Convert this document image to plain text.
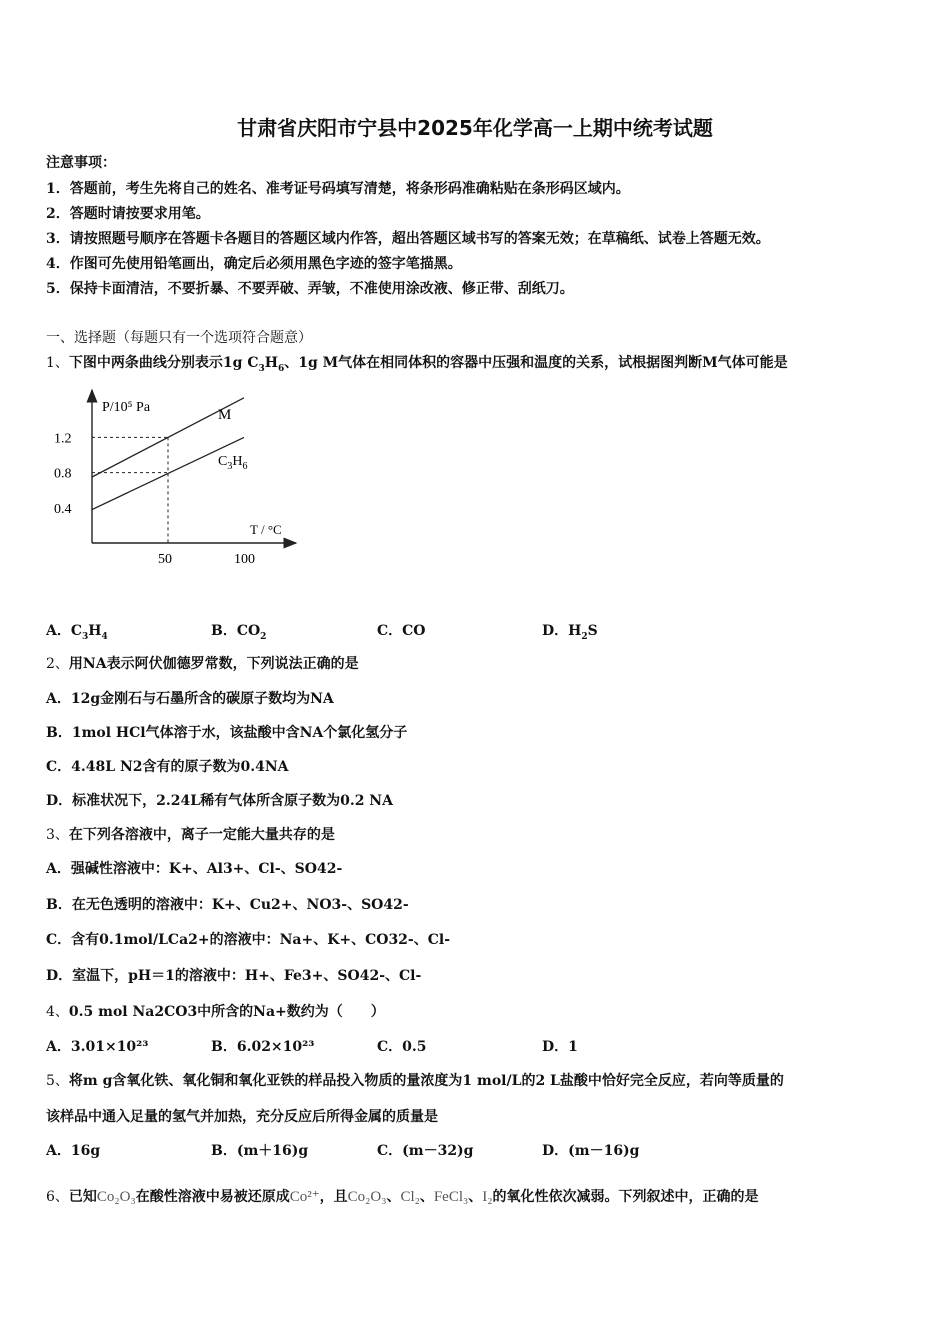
甘肃省庆阳市宁县中2025年化学高一上期中统考试题
注意事项：
1．答题前，考生先将自己的姓名、准考证号码填写清楚，将条形码准确粘贴在条形码区域内。
2．答题时请按要求用笔。
3．请按照题号顺序在答题卡各题目的答题区域内作答，超出答题区域书写的答案无效；在草稿纸、试卷上答题无效。
4．作图可先使用铅笔画出，确定后必须用黑色字迹的签字笔描黑。
5．保持卡面清洁，不要折暴、不要弄破、弄皱，不准使用涂改液、修正带、刮纸刀。
一、选择题（每题只有一个选项符合题意）
1、下图中两条曲线分别表示1g $C_3H_6$、1g M气体在相同体积的容器中压强和温度的关系，试根据图判断M气体可能是
P/10⁵ Pa
T / °C
0.4
0.8
1.2
50	100
M
$C_3H_6$
A．$C_3H_4$	B．$CO_2$	C．CO	D．$H_2S$
2、用NA表示阿伏伽德罗常数，下列说法正确的是
A．12g金刚石与石墨所含的碳原子数均为NA
B．1mol HCl气体溶于水，该盐酸中含NA个氯化氢分子
C．4.48L N2含有的原子数为0.4NA
D．标准状况下，2.24L稀有气体所含原子数为0.2 NA
3、在下列各溶液中，离子一定能大量共存的是
A．强碱性溶液中：K+、Al3+、Cl-、SO42-
B．在无色透明的溶液中：K+、Cu2+、NO3-、SO42-
C．含有0.1mol/LCa2+的溶液中：Na+、K+、CO32-、Cl-
D．室温下，pH＝1的溶液中：H+、Fe3+、SO42-、Cl-
4、0.5 mol Na2CO3中所含的Na+数约为（　　）
A．3.01×10²³	B．6.02×10²³	C．0.5	D．1
5、将m g含氧化铁、氧化铜和氧化亚铁的样品投入物质的量浓度为1 mol/L的2 L盐酸中恰好完全反应，若向等质量的
该样品中通入足量的氢气并加热，充分反应后所得金属的质量是
A．16g	B．(m＋16)g	C．(m－32)g	D．(m－16)g
6、已知Co₂O₃在酸性溶液中易被还原成Co²⁺，且Co₂O₃、Cl₂、FeCl₃、I₂的氧化性依次减弱。下列叙述中，正确的是
